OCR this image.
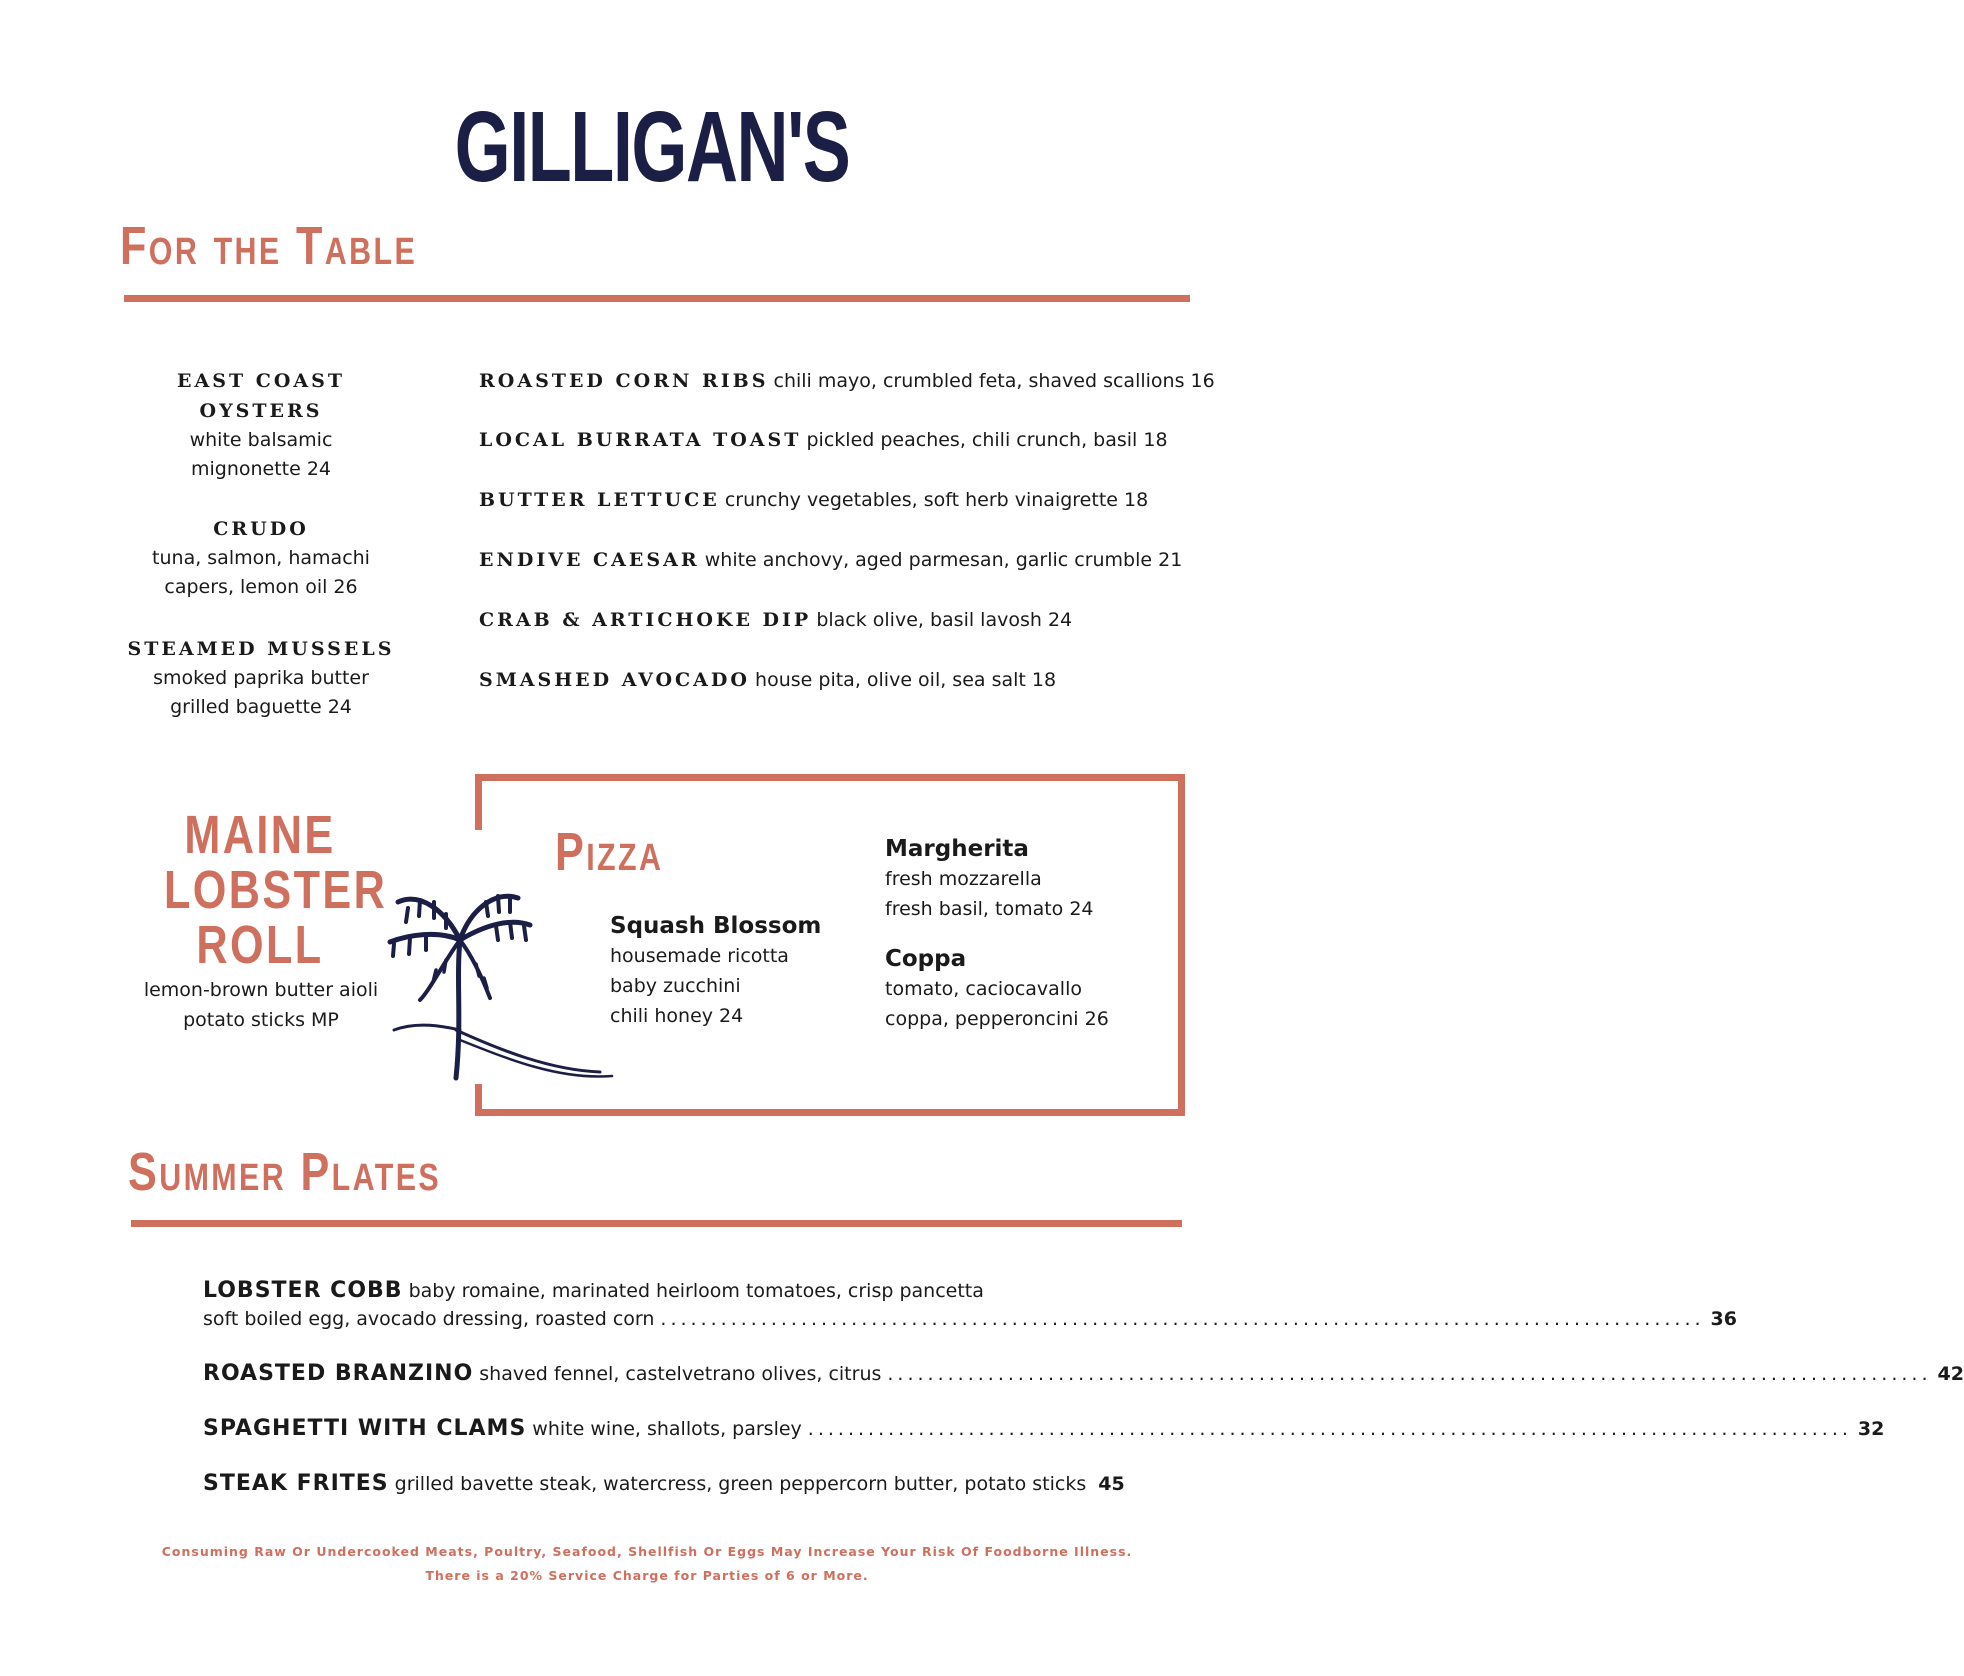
GILLIGAN'S
For the Table
EAST COAST
OYSTERS
white balsamic
mignonette 24
CRUDO
tuna, salmon, hamachi
capers, lemon oil 26
STEAMED MUSSELS
smoked paprika butter
grilled baguette 24
ROASTED CORN RIBS chili mayo, crumbled feta, shaved scallions 16
LOCAL BURRATA TOAST pickled peaches, chili crunch, basil 18
BUTTER LETTUCE crunchy vegetables, soft herb vinaigrette 18
ENDIVE CAESAR white anchovy, aged parmesan, garlic crumble 21
CRAB & ARTICHOKE DIP black olive, basil lavosh 24
SMASHED AVOCADO house pita, olive oil, sea salt 18
MAINE
LOBSTER
ROLL
lemon-brown butter aioli
potato sticks MP
Pizza
Squash Blossom
housemade ricotta
baby zucchini
chili honey 24
Margherita
fresh mozzarella
fresh basil, tomato 24
Coppa
tomato, caciocavallo
coppa, pepperoncini 26
Summer Plates
LOBSTER COBB baby romaine, marinated heirloom tomatoes, crisp pancetta
soft boiled egg, avocado dressing, roasted corn ........................................................................................................ 36
ROASTED BRANZINO shaved fennel, castelvetrano olives, citrus ........................................................................................................ 42
SPAGHETTI WITH CLAMS white wine, shallots, parsley ........................................................................................................ 32
STEAK FRITES grilled bavette steak, watercress, green peppercorn butter, potato sticks 45
Consuming Raw Or Undercooked Meats, Poultry, Seafood, Shellfish Or Eggs May Increase Your Risk Of Foodborne Illness.
There is a 20% Service Charge for Parties of 6 or More.
